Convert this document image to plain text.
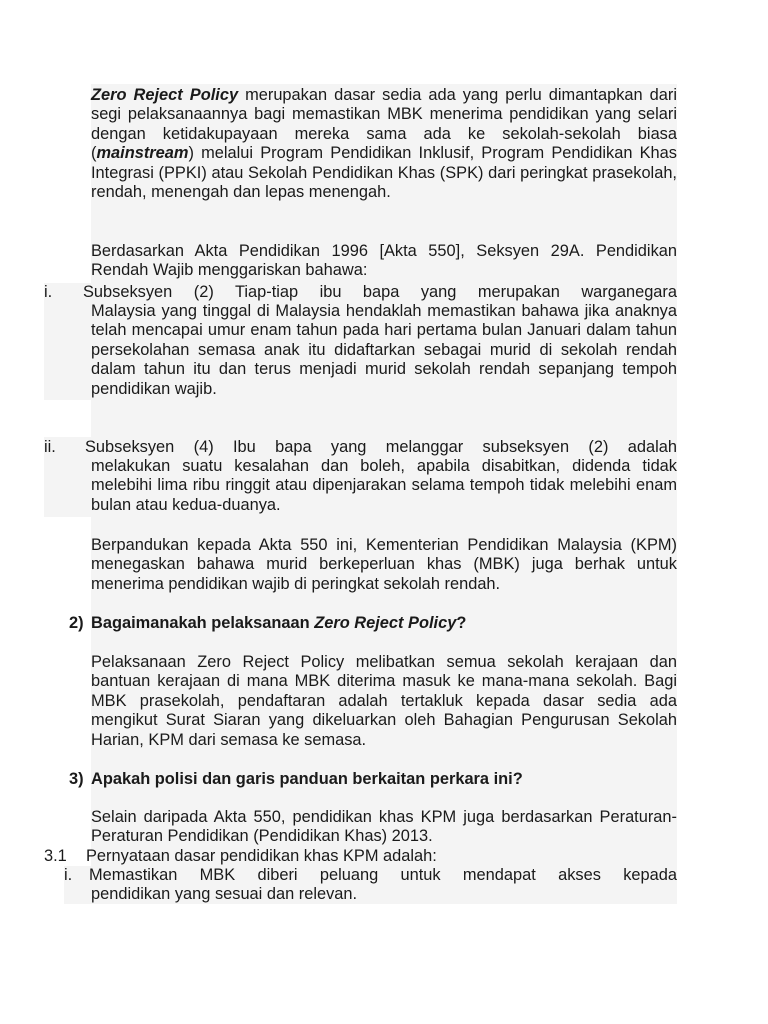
Zero Reject Policy merupakan dasar sedia ada yang perlu dimantapkan dari segi pelaksanaannya bagi memastikan MBK menerima pendidikan yang selari dengan ketidakupayaan mereka sama ada ke sekolah-sekolah biasa (mainstream) melalui Program Pendidikan Inklusif, Program Pendidikan Khas Integrasi (PPKI) atau Sekolah Pendidikan Khas (SPK) dari peringkat prasekolah, rendah, menengah dan lepas menengah.
Berdasarkan Akta Pendidikan 1996 [Akta 550], Seksyen 29A. Pendidikan Rendah Wajib menggariskan bahawa:
i. Subseksyen (2) Tiap-tiap ibu bapa yang merupakan warganegara
Malaysia yang tinggal di Malaysia hendaklah memastikan bahawa jika anaknya telah mencapai umur enam tahun pada hari pertama bulan Januari dalam tahun persekolahan semasa anak itu didaftarkan sebagai murid di sekolah rendah dalam tahun itu dan terus menjadi murid sekolah rendah sepanjang tempoh pendidikan wajib.
ii. Subseksyen (4) Ibu bapa yang melanggar subseksyen (2) adalah
melakukan suatu kesalahan dan boleh, apabila disabitkan, didenda tidak melebihi lima ribu ringgit atau dipenjarakan selama tempoh tidak melebihi enam bulan atau kedua-duanya.
Berpandukan kepada Akta 550 ini, Kementerian Pendidikan Malaysia (KPM) menegaskan bahawa murid berkeperluan khas (MBK) juga berhak untuk menerima pendidikan wajib di peringkat sekolah rendah.
2) Bagaimanakah pelaksanaan Zero Reject Policy?
Pelaksanaan Zero Reject Policy melibatkan semua sekolah kerajaan dan bantuan kerajaan di mana MBK diterima masuk ke mana-mana sekolah. Bagi MBK prasekolah, pendaftaran adalah tertakluk kepada dasar sedia ada mengikut Surat Siaran yang dikeluarkan oleh Bahagian Pengurusan Sekolah Harian, KPM dari semasa ke semasa.
3) Apakah polisi dan garis panduan berkaitan perkara ini?
Selain daripada Akta 550, pendidikan khas KPM juga berdasarkan Peraturan-Peraturan Pendidikan (Pendidikan Khas) 2013.
3.1 Pernyataan dasar pendidikan khas KPM adalah:
i. Memastikan MBK diberi peluang untuk mendapat akses kepada
pendidikan yang sesuai dan relevan.
